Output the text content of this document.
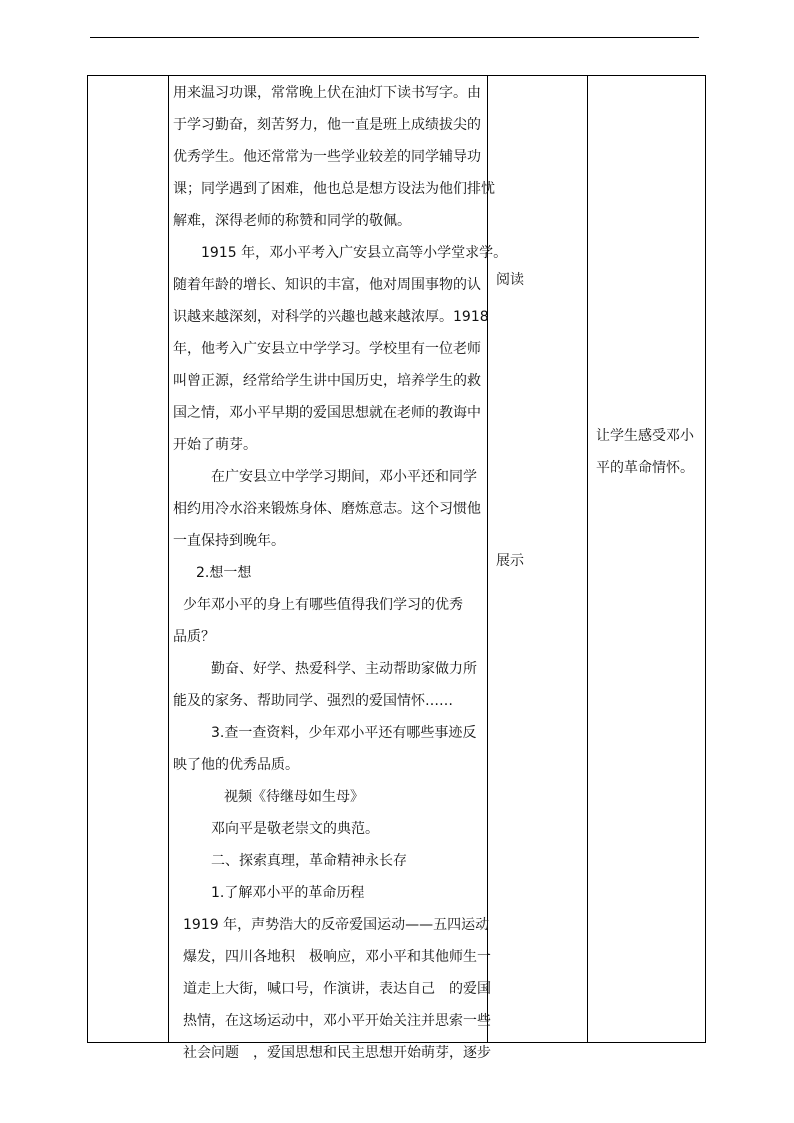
用来温习功课，常常晚上伏在油灯下读书写字。由
于学习勤奋，刻苦努力，他一直是班上成绩拔尖的
优秀学生。他还常常为一些学业较差的同学辅导功
课；同学遇到了困难，他也总是想方设法为他们排忧
解难，深得老师的称赞和同学的敬佩。
1915 年，邓小平考入广安县立高等小学堂求学。
随着年龄的增长、知识的丰富，他对周围事物的认
识越来越深刻，对科学的兴趣也越来越浓厚。1918
年，他考入广安县立中学学习。学校里有一位老师
叫曾正源，经常给学生讲中国历史，培养学生的救
国之情，邓小平早期的爱国思想就在老师的教诲中
开始了萌芽。
在广安县立中学学习期间，邓小平还和同学
相约用冷水浴来锻炼身体、磨炼意志。这个习惯他
一直保持到晚年。
2.想一想
少年邓小平的身上有哪些值得我们学习的优秀
品质？
勤奋、好学、热爱科学、主动帮助家做力所
能及的家务、帮助同学、强烈的爱国情怀……
3.查一查资料，少年邓小平还有哪些事迹反
映了他的优秀品质。
视频《待继母如生母》
邓向平是敬老崇文的典范。
二、探索真理，革命精神永长存
1.了解邓小平的革命历程
1919 年，声势浩大的反帝爱国运动——五四运动
爆发，四川各地积　极响应，邓小平和其他师生一
道走上大街，喊口号，作演讲，表达自己　的爱国
热情，在这场运动中，邓小平开始关注并思索一些
社会问题　，爱国思想和民主思想开始萌芽，逐步
阅读
展示
让学生感受邓小
平的革命情怀。
